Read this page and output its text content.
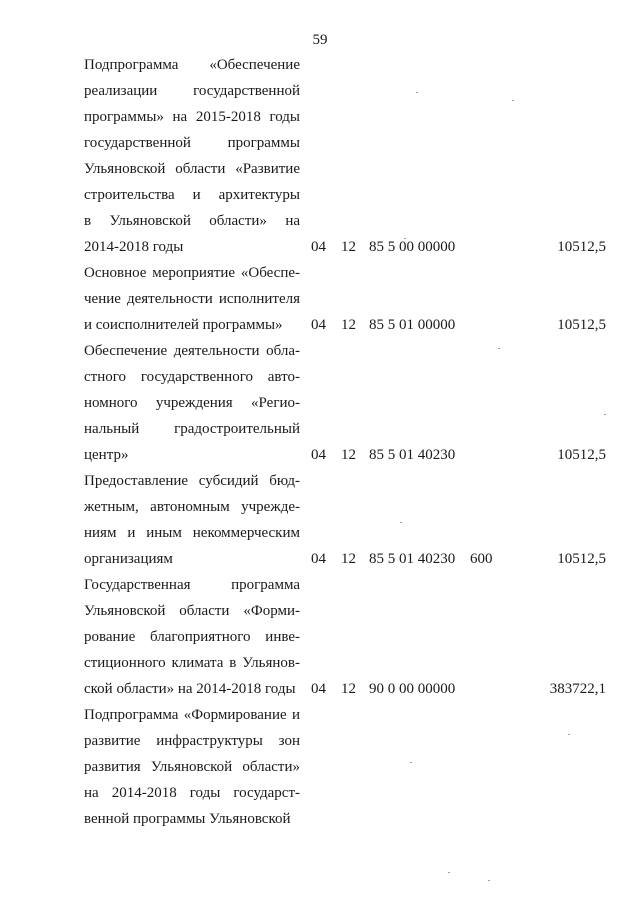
59
Подпрограмма «Обеспечение
реализации государственной
программы» на 2015-2018 годы
государственной программы
Ульяновской области «Развитие
строительства и архитектуры
в Ульяновской области» на
2014-2018 годы	04 12 85 5 00 00000	10512,5
Основное мероприятие «Обеспе-
чение деятельности исполнителя
и соисполнителей программы»	04 12 85 5 01 00000	10512,5
Обеспечение деятельности обла-
стного государственного авто-
номного учреждения «Регио-
нальный градостроительный
центр»	04 12 85 5 01 40230	10512,5
Предоставление субсидий бюд-
жетным, автономным учрежде-
ниям и иным некоммерческим
организациям	04 12 85 5 01 40230 600	10512,5
Государственная программа
Ульяновской области «Форми-
рование благоприятного инве-
стиционного климата в Ульянов-
ской области» на 2014-2018 годы 04 12 90 0 00 00000	383722,1
Подпрограмма «Формирование и
развитие инфраструктуры зон
развития Ульяновской области»
на 2014-2018 годы государст-
венной программы Ульяновской
